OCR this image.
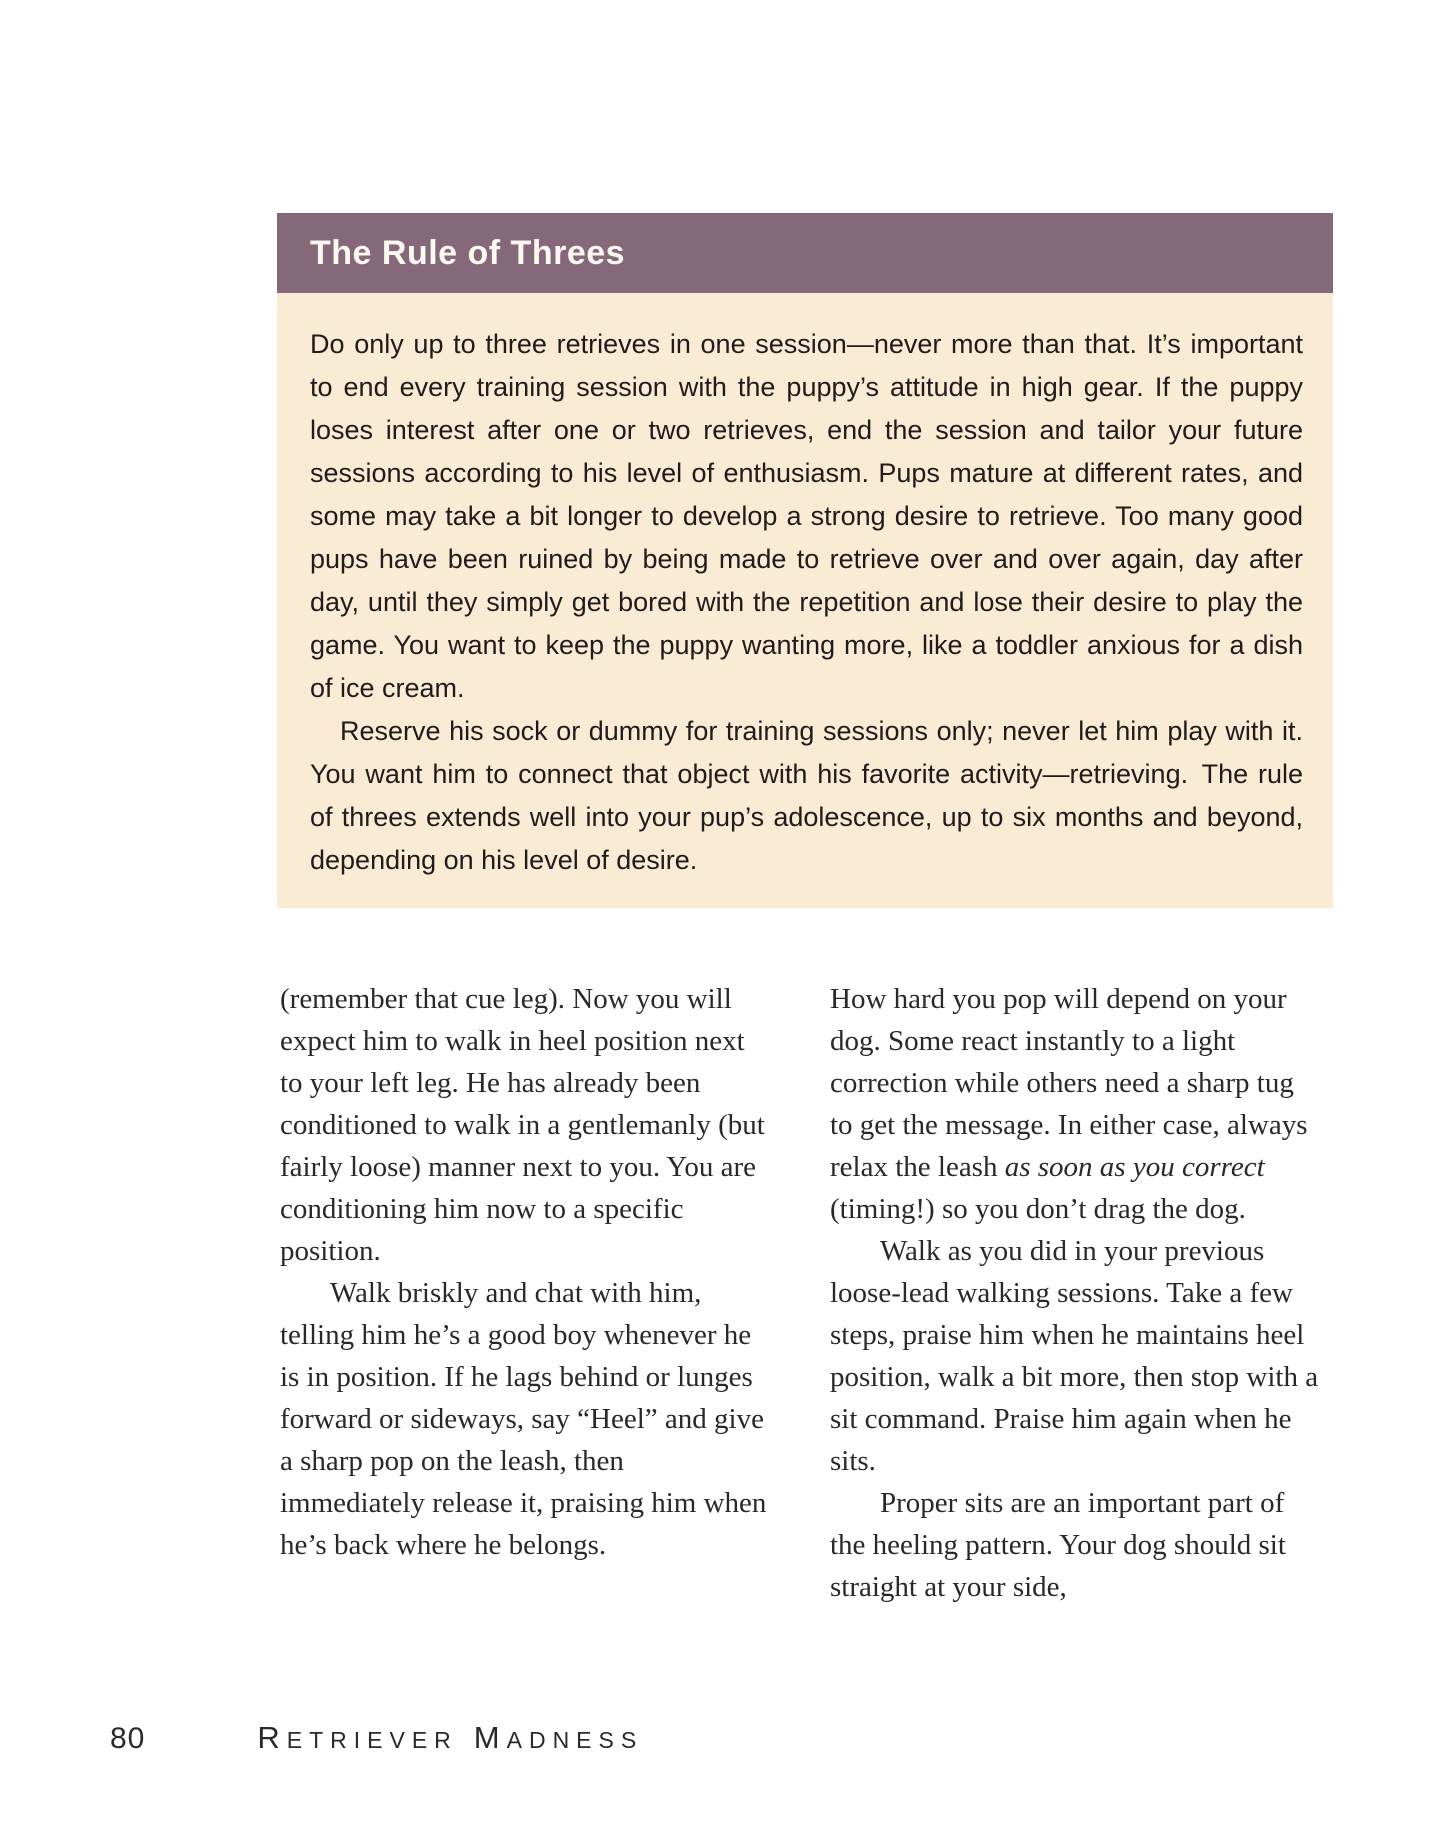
The Rule of Threes

Do only up to three retrieves in one session—never more than that. It’s important to end every training session with the puppy’s attitude in high gear. If the puppy loses interest after one or two retrieves, end the session and tailor your future sessions according to his level of enthusiasm. Pups mature at different rates, and some may take a bit longer to develop a strong desire to retrieve. Too many good pups have been ruined by being made to retrieve over and over again, day after day, until they simply get bored with the repetition and lose their desire to play the game. You want to keep the puppy wanting more, like a toddler anxious for a dish of ice cream.

Reserve his sock or dummy for training sessions only; never let him play with it. You want him to connect that object with his favorite activity—retrieving. The rule of threes extends well into your pup’s adolescence, up to six months and beyond, depending on his level of desire.

(remember that cue leg). Now you will expect him to walk in heel position next to your left leg. He has already been conditioned to walk in a gentlemanly (but fairly loose) manner next to you. You are conditioning him now to a specific position.

Walk briskly and chat with him, telling him he’s a good boy whenever he is in position. If he lags behind or lunges forward or sideways, say “Heel” and give a sharp pop on the leash, then immediately release it, praising him when he’s back where he belongs.

How hard you pop will depend on your dog. Some react instantly to a light correction while others need a sharp tug to get the message. In either case, always relax the leash as soon as you correct (timing!) so you don’t drag the dog.

Walk as you did in your previous loose-lead walking sessions. Take a few steps, praise him when he maintains heel position, walk a bit more, then stop with a sit command. Praise him again when he sits.

Proper sits are an important part of the heeling pattern. Your dog should sit straight at your side,

80	RETRIEVER MADNESS
